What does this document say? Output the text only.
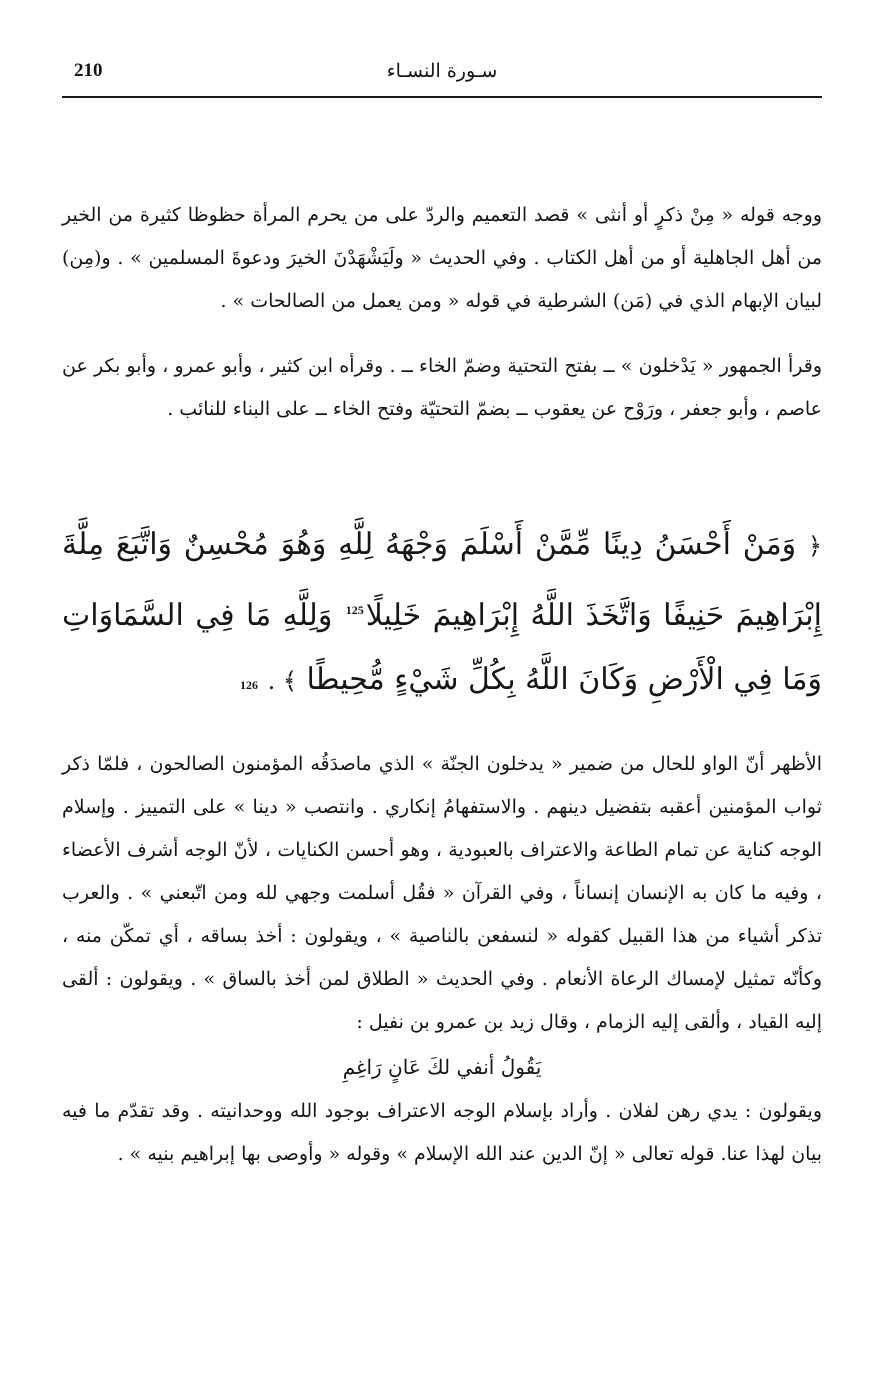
210	سـورة النسـاء

ووجه قوله « مِنْ ذكرٍ أو أنثى » قصد التعميم والردّ على من يحرم المرأة حظوظا كثيرة من الخير من أهل الجاهلية أو من أهل الكتاب . وفي الحديث « ولَيَشْهَدْنَ الخيرَ ودعوةَ المسلمين » . و(مِن) لبيان الإبهام الذي في (مَن) الشرطية في قوله « ومن يعمل من الصالحات » .

وقرأ الجمهور « يَدْخلون » ــ بفتح التحتية وضمّ الخاء ــ . وقرأه ابن كثير ، وأبو عمرو ، وأبو بكر عن عاصم ، وأبو جعفر ، ورَوْح عن يعقوب ــ بضمّ التحتيّة وفتح الخاء ــ على البناء للنائب .

﴿ وَمَنْ أَحْسَنُ دِينًا مِّمَّنْ أَسْلَمَ وَجْهَهُ لِلَّهِ وَهُوَ مُحْسِنٌ وَاتَّبَعَ مِلَّةَ إِبْرَاهِيمَ حَنِيفًا وَاتَّخَذَ اللَّهُ إِبْرَاهِيمَ خَلِيلًا$^{125}$ وَلِلَّهِ مَا فِي السَّمَاوَاتِ وَمَا فِي الْأَرْضِ وَكَانَ اللَّهُ بِكُلِّ شَيْءٍ مُّحِيطًا ﴾ . 126

الأظهر أنّ الواو للحال من ضمير « يدخلون الجنّة » الذي ماصدَقُه المؤمنون الصالحون ، فلمّا ذكر ثواب المؤمنين أعقبه بتفضيل دينهم . والاستفهامُ إنكاري . وانتصب « دينا » على التمييز . وإسلام الوجه كناية عن تمام الطاعة والاعتراف بالعبودية ، وهو أحسن الكنايات ، لأنّ الوجه أشرف الأعضاء ، وفيه ما كان به الإنسان إنساناً ، وفي القرآن « فقُل أسلمت وجهي لله ومن اتّبعني » . والعرب تذكر أشياء من هذا القبيل كقوله « لنسفعن بالناصية » ، ويقولون : أخذ بساقه ، أي تمكّن منه ، وكأنّه تمثيل لإمساك الرعاة الأنعام . وفي الحديث « الطلاق لمن أخذ بالساق » . ويقولون : ألقى إليه القياد ، وألقى إليه الزمام ، وقال زيد بن عمرو بن نفيل :

يَقُولُ أنفي لكَ عَانٍ رَاغِمِ

ويقولون : يدي رهن لفلان . وأراد بإسلام الوجه الاعتراف بوجود الله ووحدانيته . وقد تقدّم ما فيه بيان لهذا عنا. قوله تعالى « إنّ الدين عند الله الإسلام » وقوله « وأوصى بها إبراهيم بنيه » .
